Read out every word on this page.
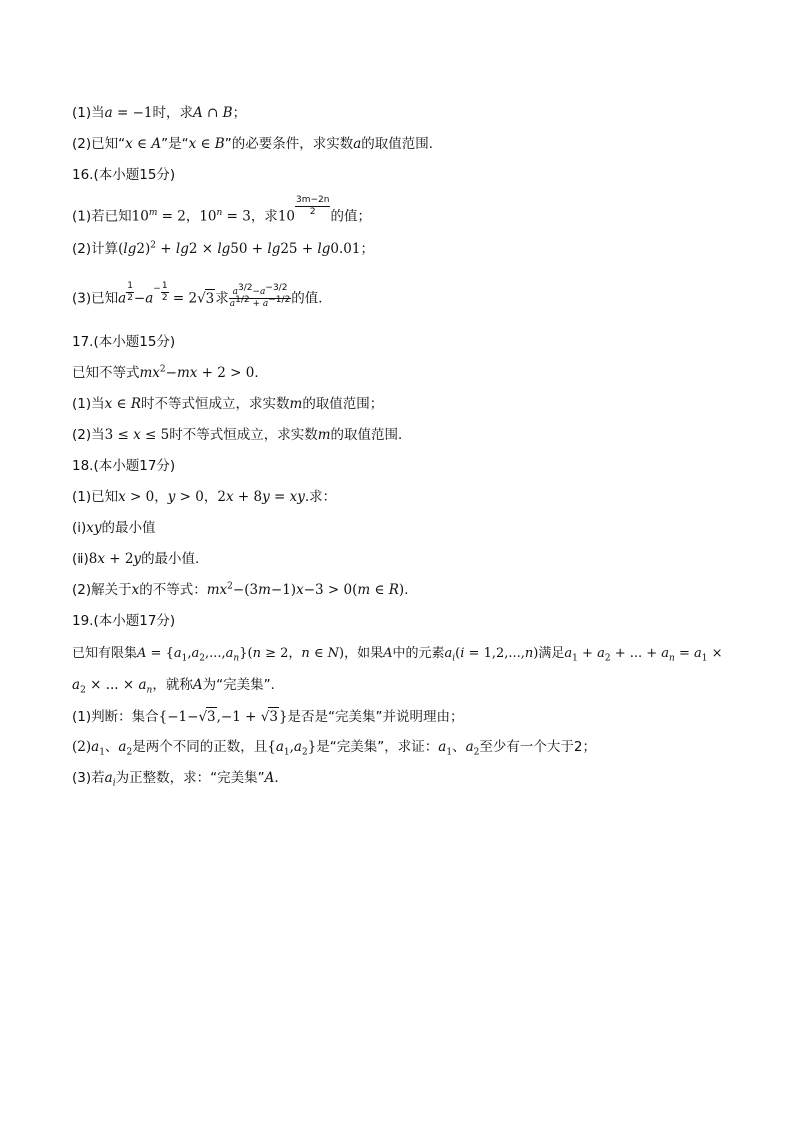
(1)当a = −1时，求A ∩ B；
(2)已知“x ∈ A”是“x ∈ B”的必要条件，求实数a的取值范围．
16.(本小题15分)
(1)若已知$10^m = 2$，$10^n = 3$，求$10 \frac{3m-2n}{2}$ 的值；
(2)计算$(\lg 2)^2 + \lg 2 \times \lg 50 + \lg 25 + \lg 0.01$；
(3)已知a $^{\frac{1}{2}}$ −a− $^{\frac{1}{2}}$ = 2√3求 $\frac{a^{3/2}-a^{-3/2}}{a^{1/2} + a^{-1/2}}$ 的值．
17.(本小题15分)
已知不等式$mx^2-mx + 2 > 0$．
(1)当x ∈ R时不等式恒成立，求实数m的取值范围；
(2)当3 ≤ x ≤ 5时不等式恒成立，求实数m的取值范围．
18.(本小题17分)
(1)已知x > 0，y > 0，2x + 8y = xy.求：
(ⅰ)xy的最小值
(ⅱ)8x + 2y的最小值．
(2)解关于x的不等式：$mx^2-(3m-1)x-3 > 0(m$ ∈ R)．
19.(本小题17分)
已知有限集$A = \{a_1,a_2,...,a_n\}(n \ge 2$，n ∈ N)，如果A中的元素$a_i(i = 1,2,...,n)$满足$a_1 + a_2$ + ... + $a_n = a_1$ ×
$a_2$ × ... × $a_n$，就称A为“完美集”．
(1)判断：集合{−1−√3,−1 + √3}是否是“完美集”并说明理由；
$(2)a_1$、$a_2$是两个不同的正数，且$\{a_1,a_2\}$是“完美集”，求证：$a_1$、$a_2$至少有一个大于2；
(3)若$a_i$为正整数，求：“完美集”A.
